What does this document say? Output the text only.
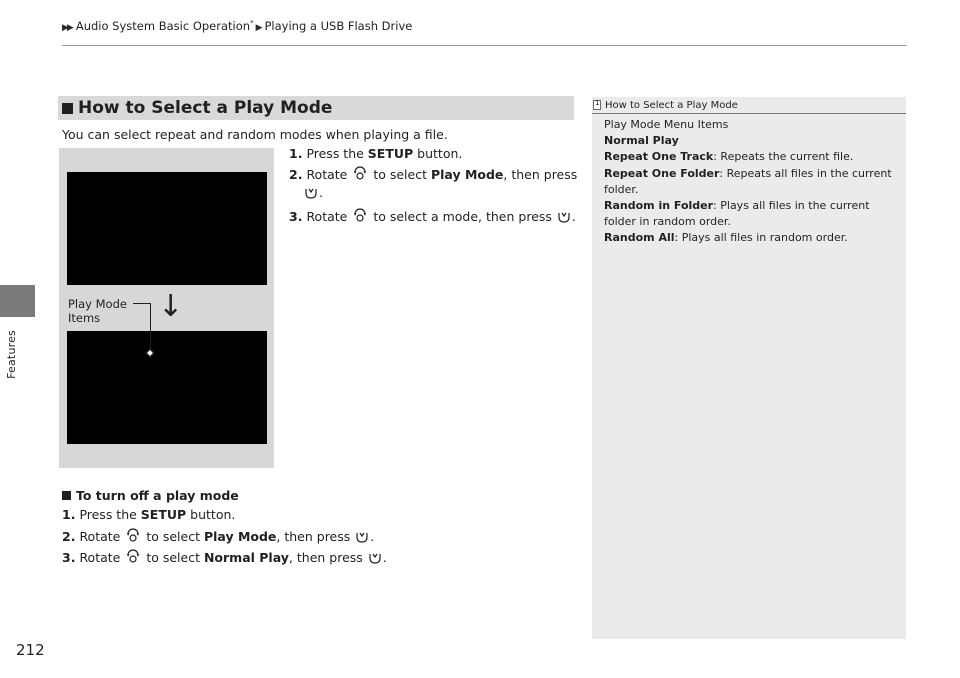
▶▶ Audio System Basic Operation* ▶ Playing a USB Flash Drive
Features
212
How to Select a Play Mode
You can select repeat and random modes when playing a file.
Play Mode Items	↓
1. Press the SETUP button.
2. Rotate  to select Play Mode, then press
.
3. Rotate  to select a mode, then press .
To turn off a play mode
1. Press the SETUP button.
2. Rotate  to select Play Mode, then press .
3. Rotate  to select Normal Play, then press .
1 How to Select a Play Mode
Play Mode Menu Items
Normal Play
Repeat One Track: Repeats the current file.
Repeat One Folder: Repeats all files in the current folder.
Random in Folder: Plays all files in the current folder in random order.
Random All: Plays all files in random order.
